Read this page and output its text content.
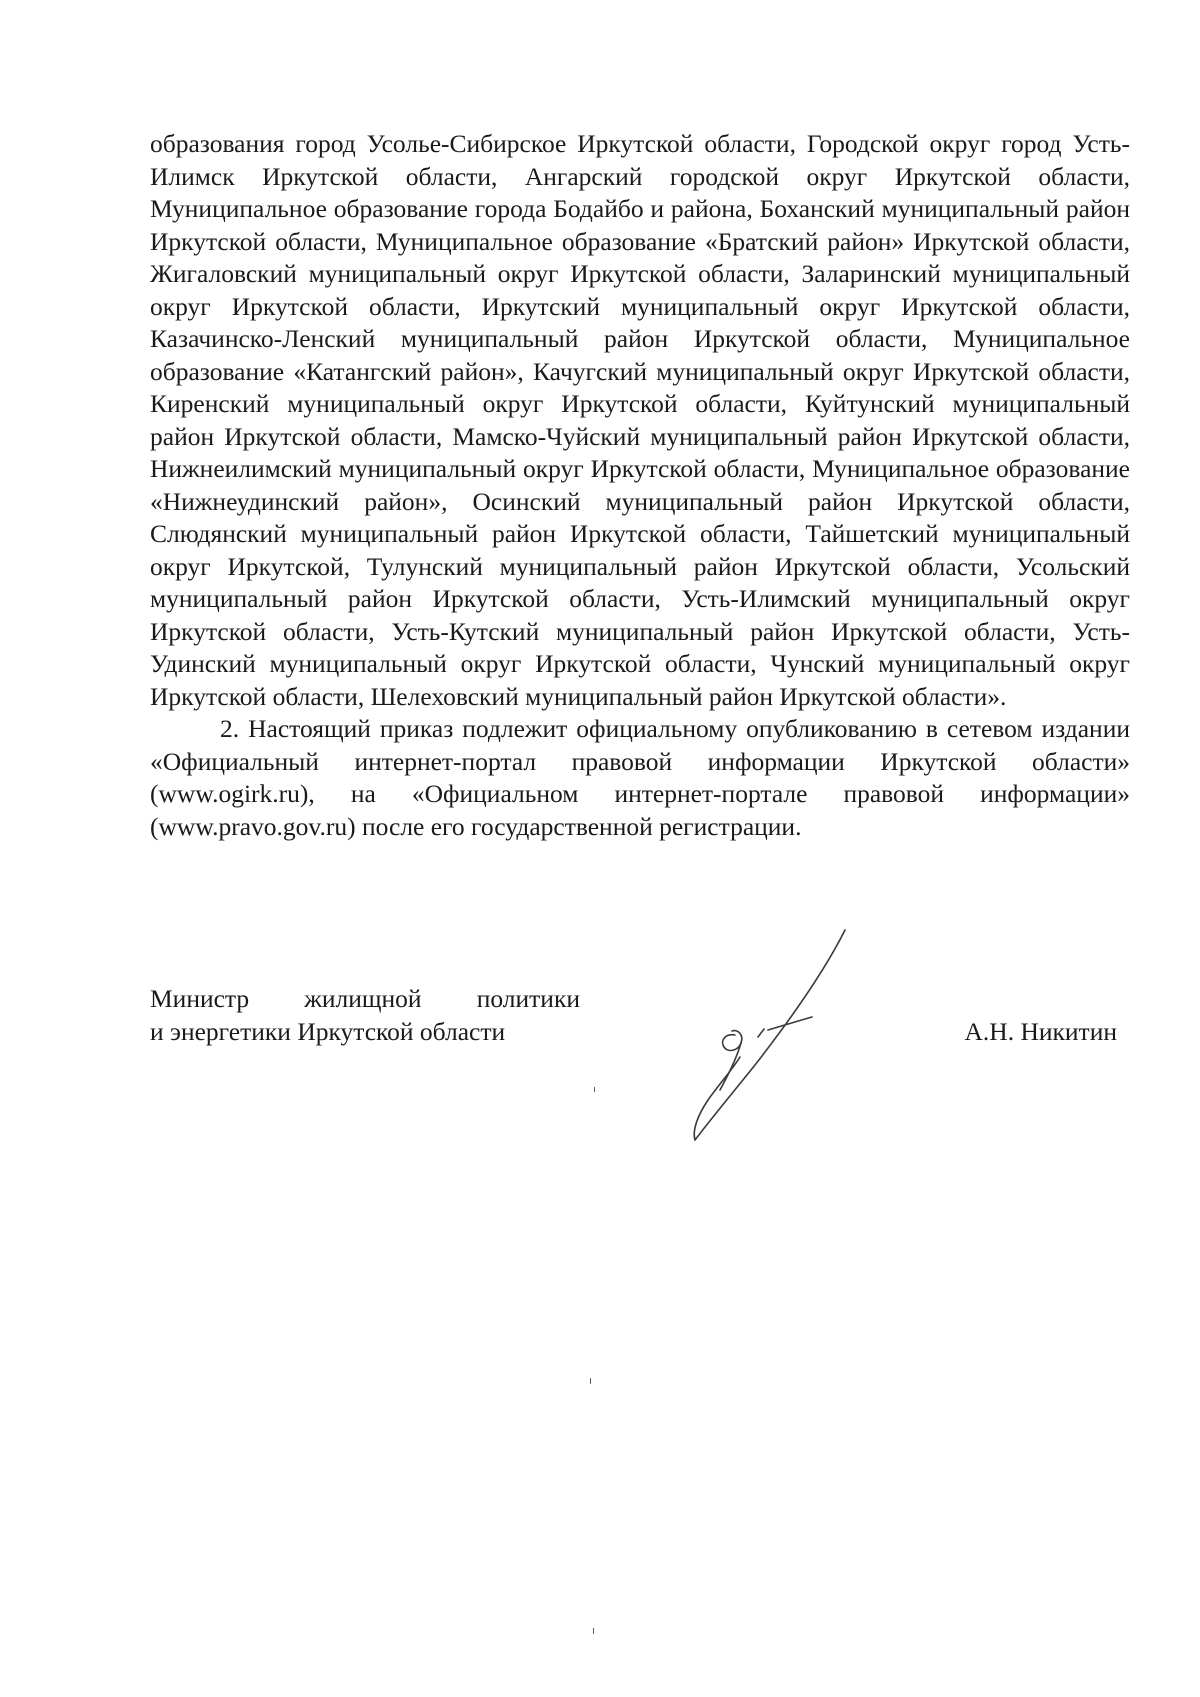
образования город Усолье-Сибирское Иркутской области, Городской округ город Усть-Илимск Иркутской области, Ангарский городской округ Иркутской области, Муниципальное образование города Бодайбо и района, Боханский муниципальный район Иркутской области, Муниципальное образование «Братский район» Иркутской области, Жигаловский муниципальный округ Иркутской области, Заларинский муниципальный округ Иркутской области, Иркутский муниципальный округ Иркутской области, Казачинско-Ленский муниципальный район Иркутской области, Муниципальное образование «Катангский район», Качугский муниципальный округ Иркутской области, Киренский муниципальный округ Иркутской области, Куйтунский муниципальный район Иркутской области, Мамско-Чуйский муниципальный район Иркутской области, Нижнеилимский муниципальный округ Иркутской области, Муниципальное образование «Нижнеудинский район», Осинский муниципальный район Иркутской области, Слюдянский муниципальный район Иркутской области, Тайшетский муниципальный округ Иркутской, Тулунский муниципальный район Иркутской области, Усольский муниципальный район Иркутской области, Усть-Илимский муниципальный округ Иркутской области, Усть-Кутский муниципальный район Иркутской области, Усть-Удинский муниципальный округ Иркутской области, Чунский муниципальный округ Иркутской области, Шелеховский муниципальный район Иркутской области».

2. Настоящий приказ подлежит официальному опубликованию в сетевом издании «Официальный интернет-портал правовой информации Иркутской области» (www.ogirk.ru), на «Официальном интернет-портале правовой информации» (www.pravo.gov.ru) после его государственной регистрации.

Министр жилищной политики
и энергетики Иркутской области	А.Н. Никитин
